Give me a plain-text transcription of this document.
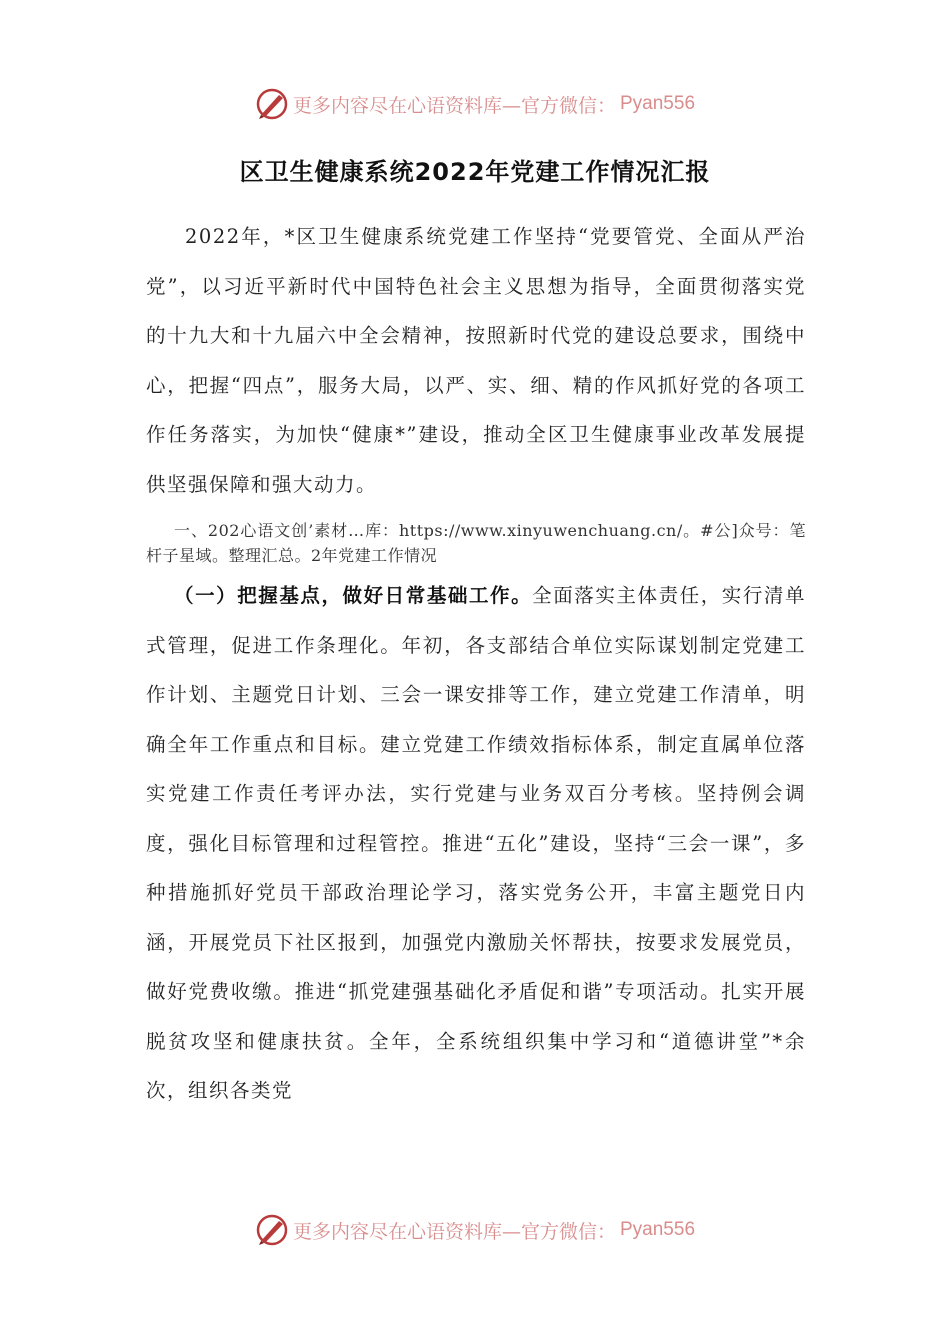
更多内容尽在心语资料库—官方微信： Pyan556
区卫生健康系统2022年党建工作情况汇报

2022年，*区卫生健康系统党建工作坚持“党要管党、全面从严治党”，以习近平新时代中国特色社会主义思想为指导，全面贯彻落实党的十九大和十九届六中全会精神，按照新时代党的建设总要求，围绕中心，把握“四点”，服务大局，以严、实、细、精的作风抓好党的各项工作任务落实，为加快“健康*”建设，推动全区卫生健康事业改革发展提供坚强保障和强大动力。

一、202心语文创’素材…库：https://www.xinyuwenchuang.cn/。#公]众号：笔杆子星域。整理汇总。2年党建工作情况

（一）把握基点，做好日常基础工作。全面落实主体责任，实行清单式管理，促进工作条理化。年初，各支部结合单位实际谋划制定党建工作计划、主题党日计划、三会一课安排等工作，建立党建工作清单，明确全年工作重点和目标。建立党建工作绩效指标体系，制定直属单位落实党建工作责任考评办法，实行党建与业务双百分考核。坚持例会调度，强化目标管理和过程管控。推进“五化”建设，坚持“三会一课”，多种措施抓好党员干部政治理论学习，落实党务公开，丰富主题党日内涵，开展党员下社区报到，加强党内激励关怀帮扶，按要求发展党员，做好党费收缴。推进“抓党建强基础化矛盾促和谐”专项活动。扎实开展脱贫攻坚和健康扶贫。全年，全系统组织集中学习和“道德讲堂”*余次，组织各类党

更多内容尽在心语资料库—官方微信： Pyan556
